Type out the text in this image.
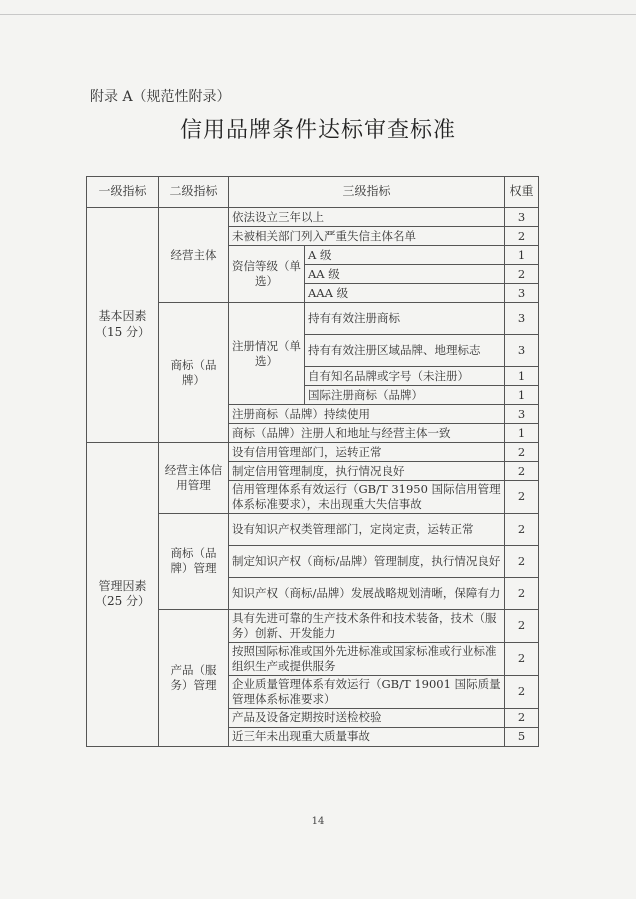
附录 A（规范性附录）
信用品牌条件达标审查标准
一级指标	二级指标	三级指标		权重
基本因素
（15 分）	经营主体	依法设立三年以上		3
		未被相关部门列入严重失信主体名单		2
		资信等级（单选）	A 级	1
			AA 级	2
			AAA 级	3
	商标（品牌）	注册情况（单选）	持有有效注册商标	3
			持有有效注册区域品牌、地理标志	3
			自有知名品牌或字号（未注册）	1
			国际注册商标（品牌）	1
		注册商标（品牌）持续使用		3
		商标（品牌）注册人和地址与经营主体一致		1
管理因素
（25 分）	经营主体信用管理	设有信用管理部门，运转正常		2
		制定信用管理制度，执行情况良好		2
		信用管理体系有效运行（GB/T 31950 国际信用管理体系标准要求），未出现重大失信事故		2
	商标（品牌）管理	设有知识产权类管理部门，定岗定责，运转正常		2
		制定知识产权（商标/品牌）管理制度，执行情况良好		2
		知识产权（商标/品牌）发展战略规划清晰，保障有力		2
	产品（服务）管理	具有先进可靠的生产技术条件和技术装备，技术（服务）创新、开发能力		2
		按照国际标准或国外先进标准或国家标准或行业标准组织生产或提供服务		2
		企业质量管理体系有效运行（GB/T 19001 国际质量管理体系标准要求）		2
		产品及设备定期按时送检校验		2
		近三年未出现重大质量事故		5
14
